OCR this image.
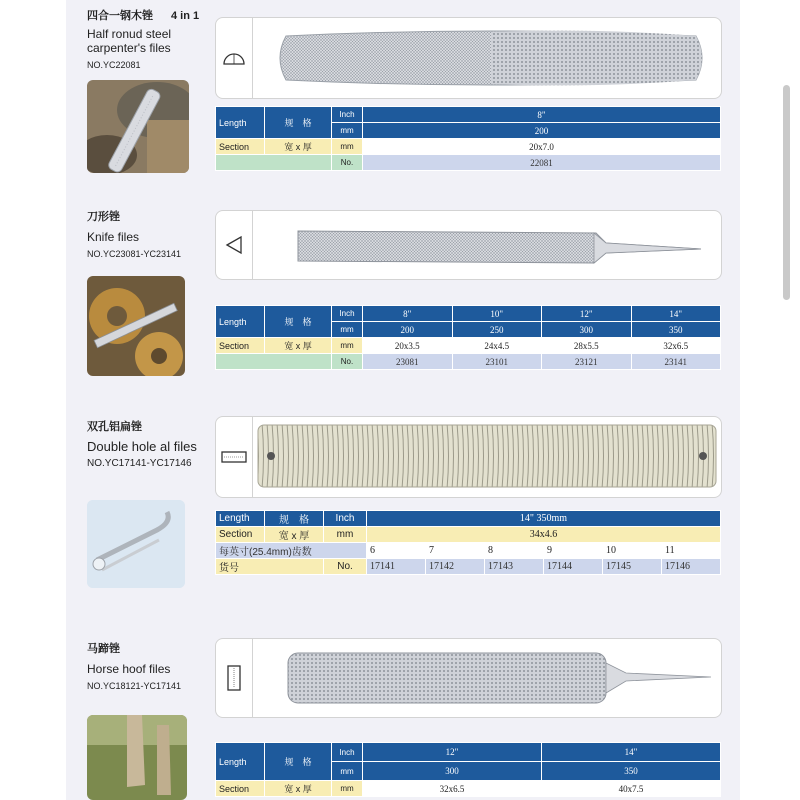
四合一钢木锉 4 in 1
Half ronud steel
carpenter's files
NO.YC22081
Length	规　格	Inch	8"
		mm	200
Section	宽 x 厚	mm	20x7.0
		No.	22081
刀形锉
Knife files
NO.YC23081-YC23141
Length	规　格	Inch	8"	10"	12"	14"
		mm	200	250	300	350
Section	宽 x 厚	mm	20x3.5	24x4.5	28x5.5	32x6.5
		No.	23081	23101	23121	23141
双孔铝扁锉
Double hole al files
NO.YC17141-YC17146
Length	规　格	Inch	14" 350mm					
Section	宽 x 厚	mm	34x4.6					
每英寸(25.4mm)齿数			6	7	8	9	10	11
货号		No.	17141	17142	17143	17144	17145	17146
马蹄锉
Horse hoof files
NO.YC18121-YC17141
Length	规　格	Inch	12"	14"
		mm	300	350
Section	宽 x 厚	mm	32x6.5	40x7.5
